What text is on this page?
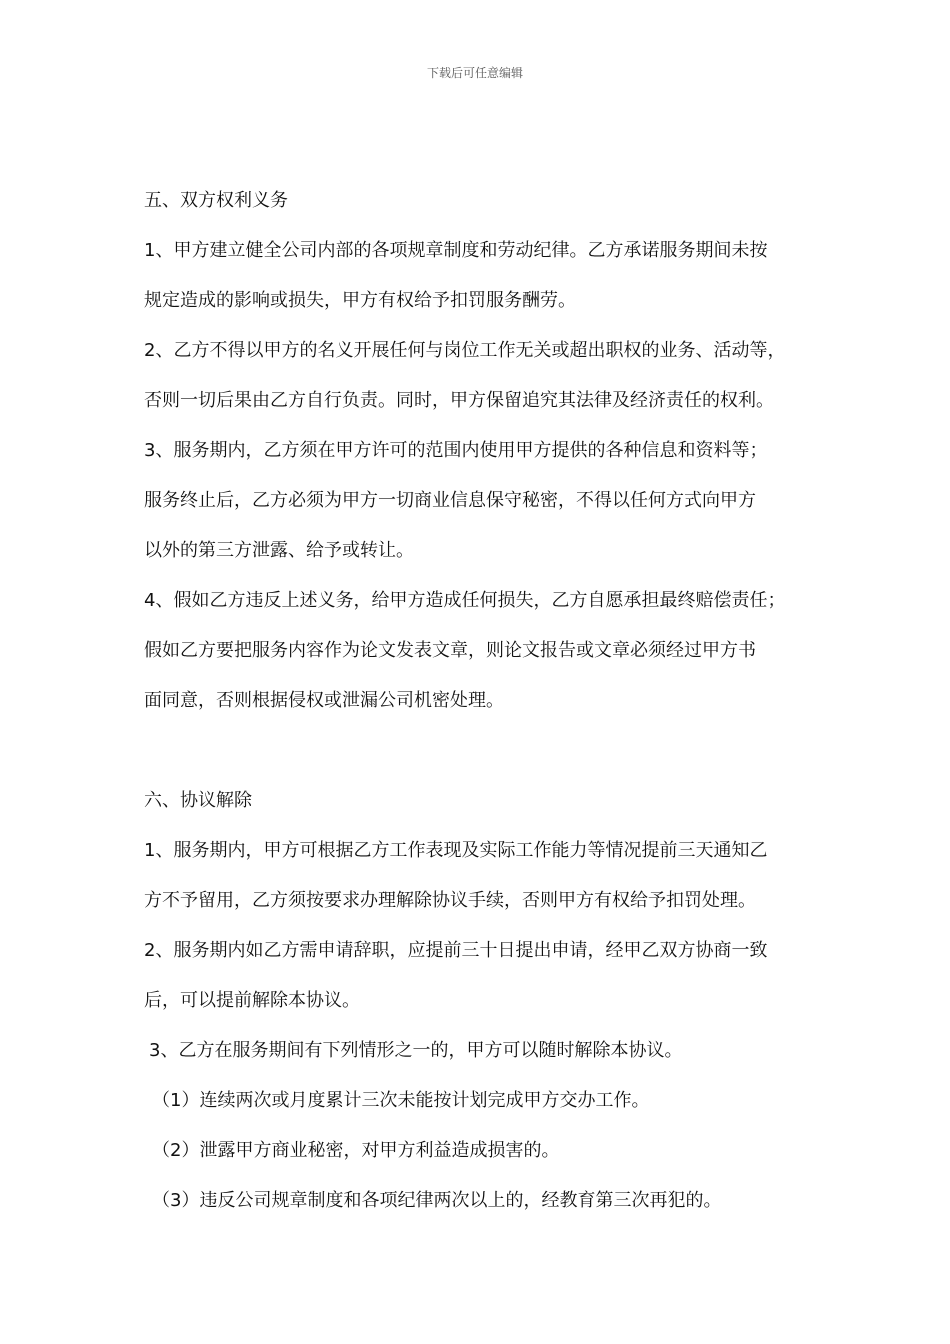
下载后可任意编辑
五、双方权利义务
1、甲方建立健全公司内部的各项规章制度和劳动纪律。乙方承诺服务期间未按
规定造成的影响或损失，甲方有权给予扣罚服务酬劳。
2、乙方不得以甲方的名义开展任何与岗位工作无关或超出职权的业务、活动等，
否则一切后果由乙方自行负责。同时，甲方保留追究其法律及经济责任的权利。
3、服务期内，乙方须在甲方许可的范围内使用甲方提供的各种信息和资料等；
服务终止后，乙方必须为甲方一切商业信息保守秘密，不得以任何方式向甲方
以外的第三方泄露、给予或转让。
4、假如乙方违反上述义务，给甲方造成任何损失，乙方自愿承担最终赔偿责任；
假如乙方要把服务内容作为论文发表文章，则论文报告或文章必须经过甲方书
面同意，否则根据侵权或泄漏公司机密处理。
六、协议解除
1、服务期内，甲方可根据乙方工作表现及实际工作能力等情况提前三天通知乙
方不予留用，乙方须按要求办理解除协议手续，否则甲方有权给予扣罚处理。
2、服务期内如乙方需申请辞职，应提前三十日提出申请，经甲乙双方协商一致
后，可以提前解除本协议。
3、乙方在服务期间有下列情形之一的，甲方可以随时解除本协议。
（1）连续两次或月度累计三次未能按计划完成甲方交办工作。
（2）泄露甲方商业秘密，对甲方利益造成损害的。
（3）违反公司规章制度和各项纪律两次以上的，经教育第三次再犯的。
